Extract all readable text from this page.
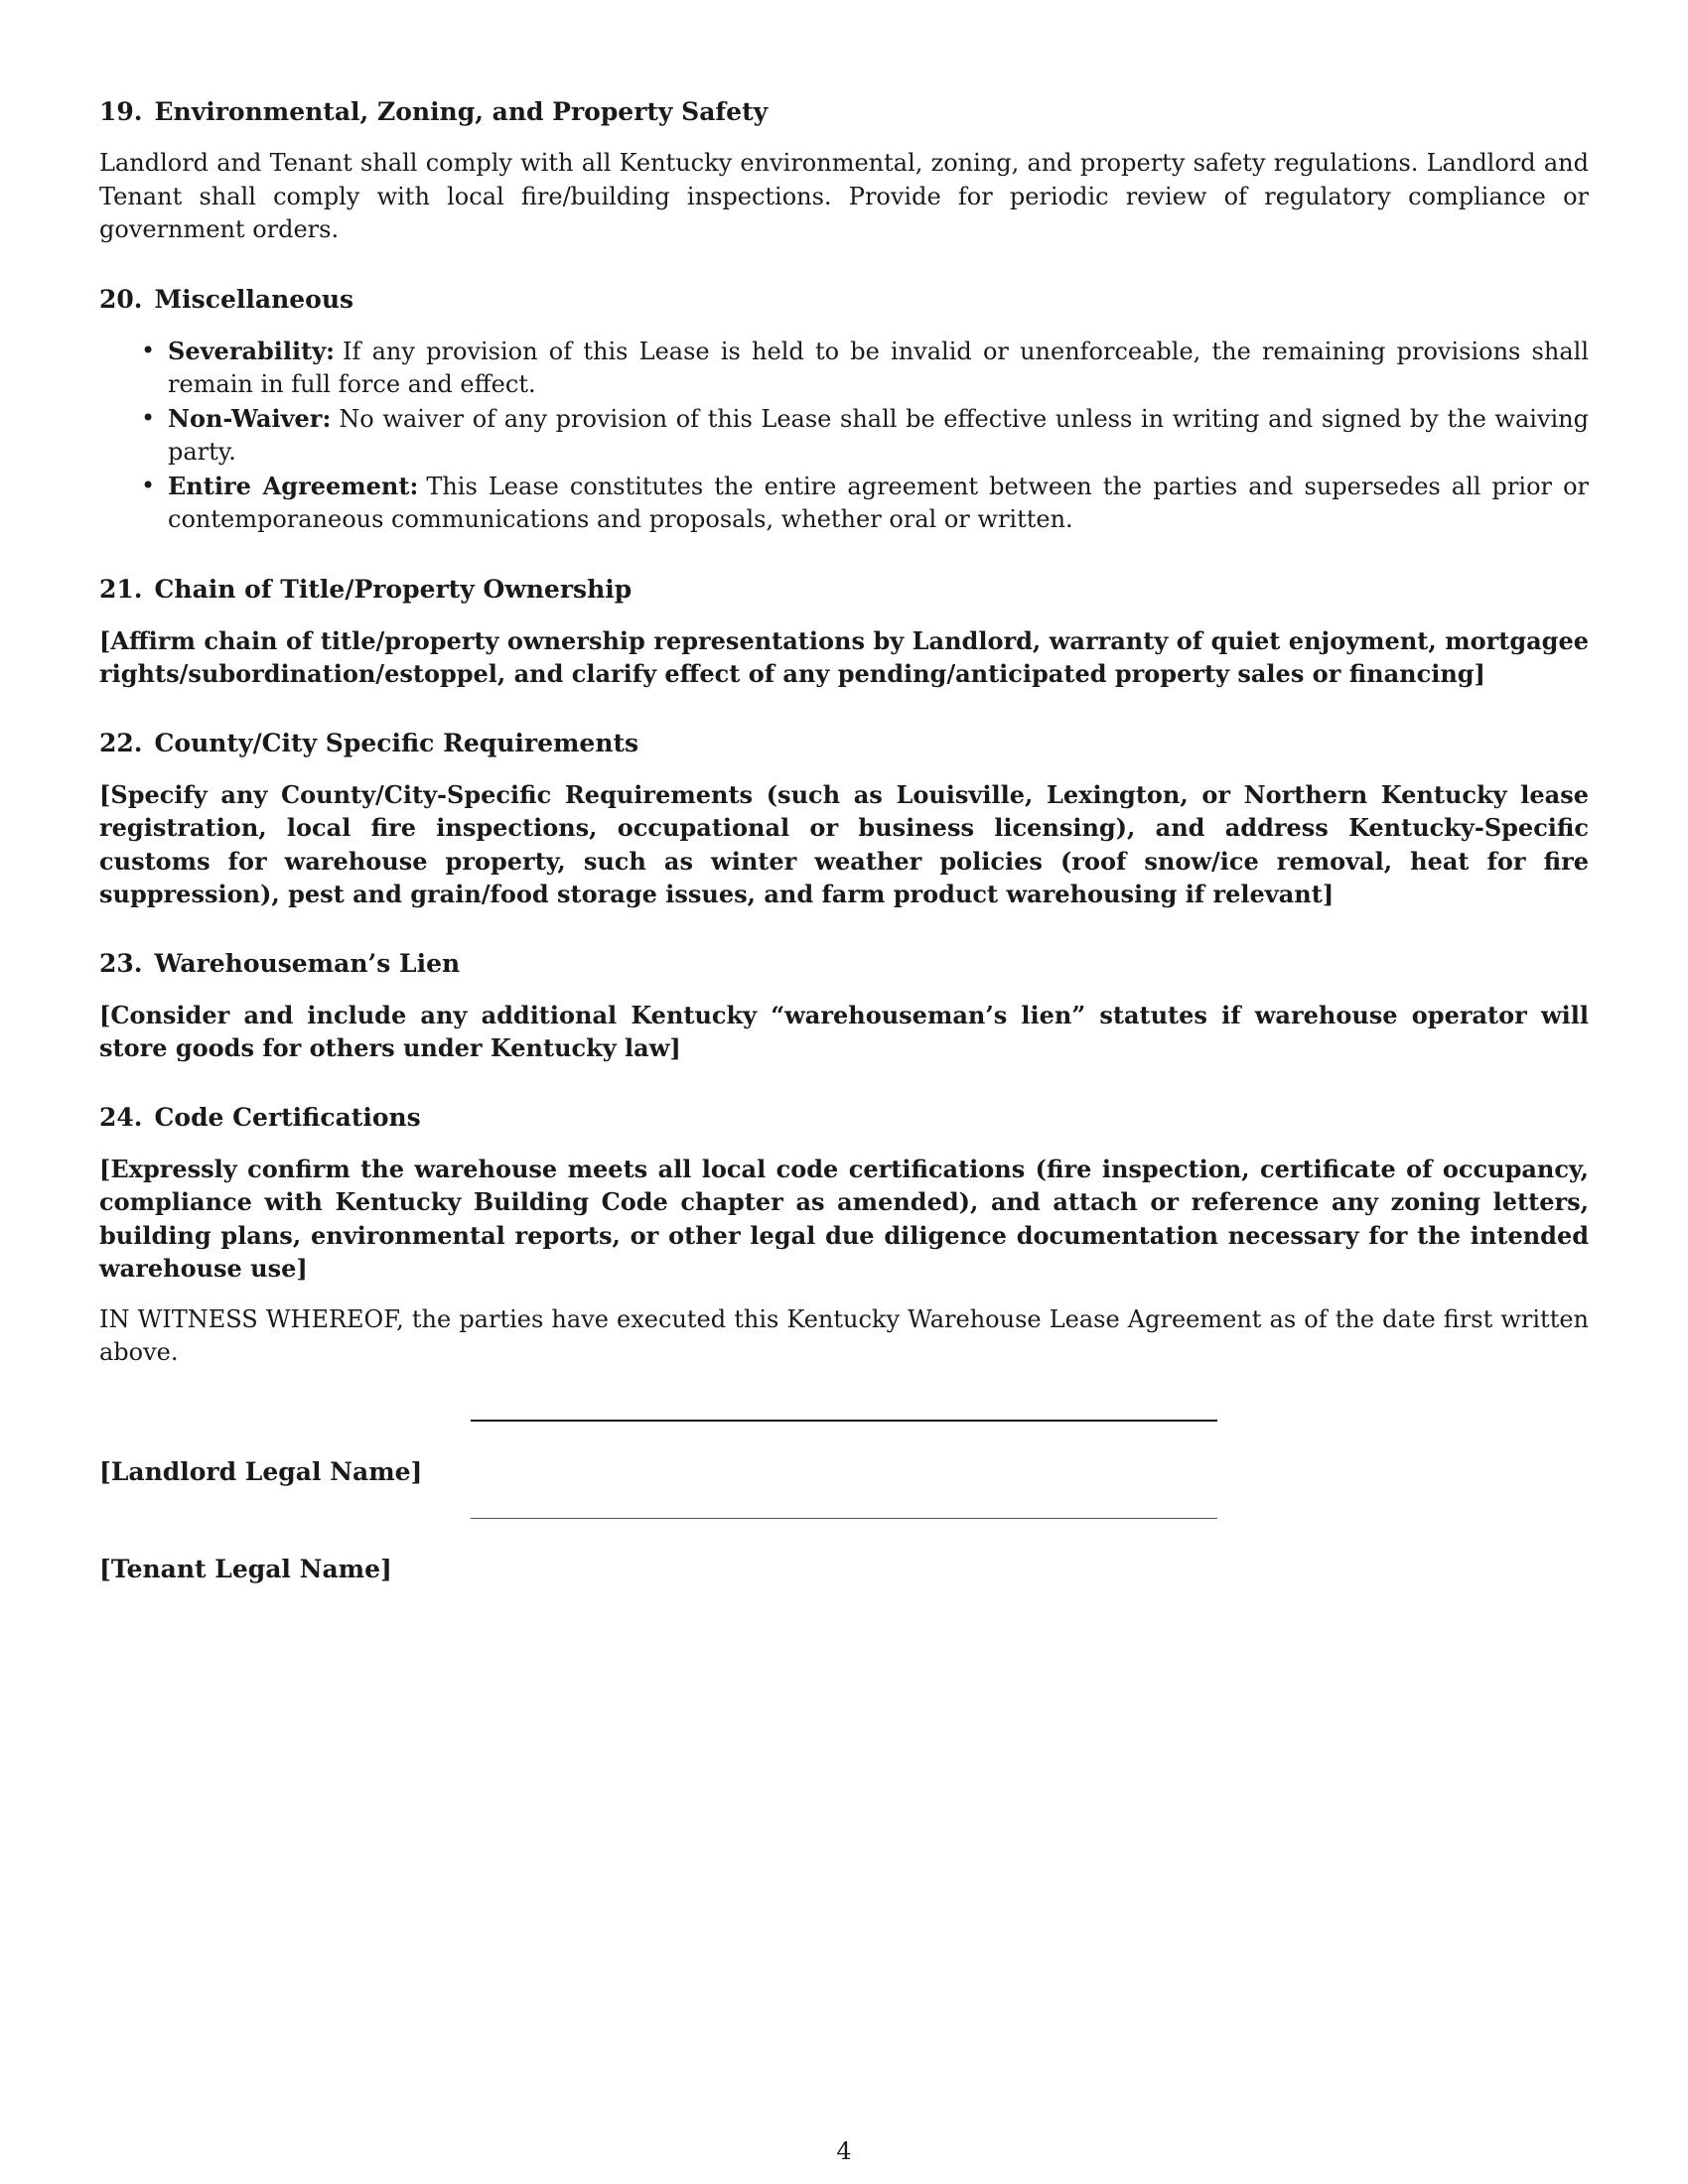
19. Environmental, Zoning, and Property Safety

Landlord and Tenant shall comply with all Kentucky environmental, zoning, and property safety regulations. Landlord and Tenant shall comply with local fire/building inspections. Provide for periodic review of regulatory compliance or government orders.

20. Miscellaneous
• Severability: If any provision of this Lease is held to be invalid or unenforceable, the remaining provisions shall remain in full force and effect.
• Non-Waiver: No waiver of any provision of this Lease shall be effective unless in writing and signed by the waiving party.
• Entire Agreement: This Lease constitutes the entire agreement between the parties and supersedes all prior or contemporaneous communications and proposals, whether oral or written.
21. Chain of Title/Property Ownership

[Affirm chain of title/property ownership representations by Landlord, warranty of quiet enjoyment, mortgagee rights/subordination/estoppel, and clarify effect of any pending/anticipated property sales or financing]

22. County/City Specific Requirements

[Specify any County/City-Specific Requirements (such as Louisville, Lexington, or Northern Kentucky lease registration, local fire inspections, occupational or business licensing), and address Kentucky-Specific customs for warehouse property, such as winter weather policies (roof snow/ice removal, heat for fire suppression), pest and grain/food storage issues, and farm product warehousing if relevant]

23. Warehouseman’s Lien

[Consider and include any additional Kentucky “warehouseman’s lien” statutes if warehouse operator will store goods for others under Kentucky law]

24. Code Certifications

[Expressly confirm the warehouse meets all local code certifications (fire inspection, certificate of occupancy, compliance with Kentucky Building Code chapter as amended), and attach or reference any zoning letters, building plans, environmental reports, or other legal due diligence documentation necessary for the intended warehouse use]

IN WITNESS WHEREOF, the parties have executed this Kentucky Warehouse Lease Agreement as of the date first written above.

[Landlord Legal Name]
[Tenant Legal Name]
4
